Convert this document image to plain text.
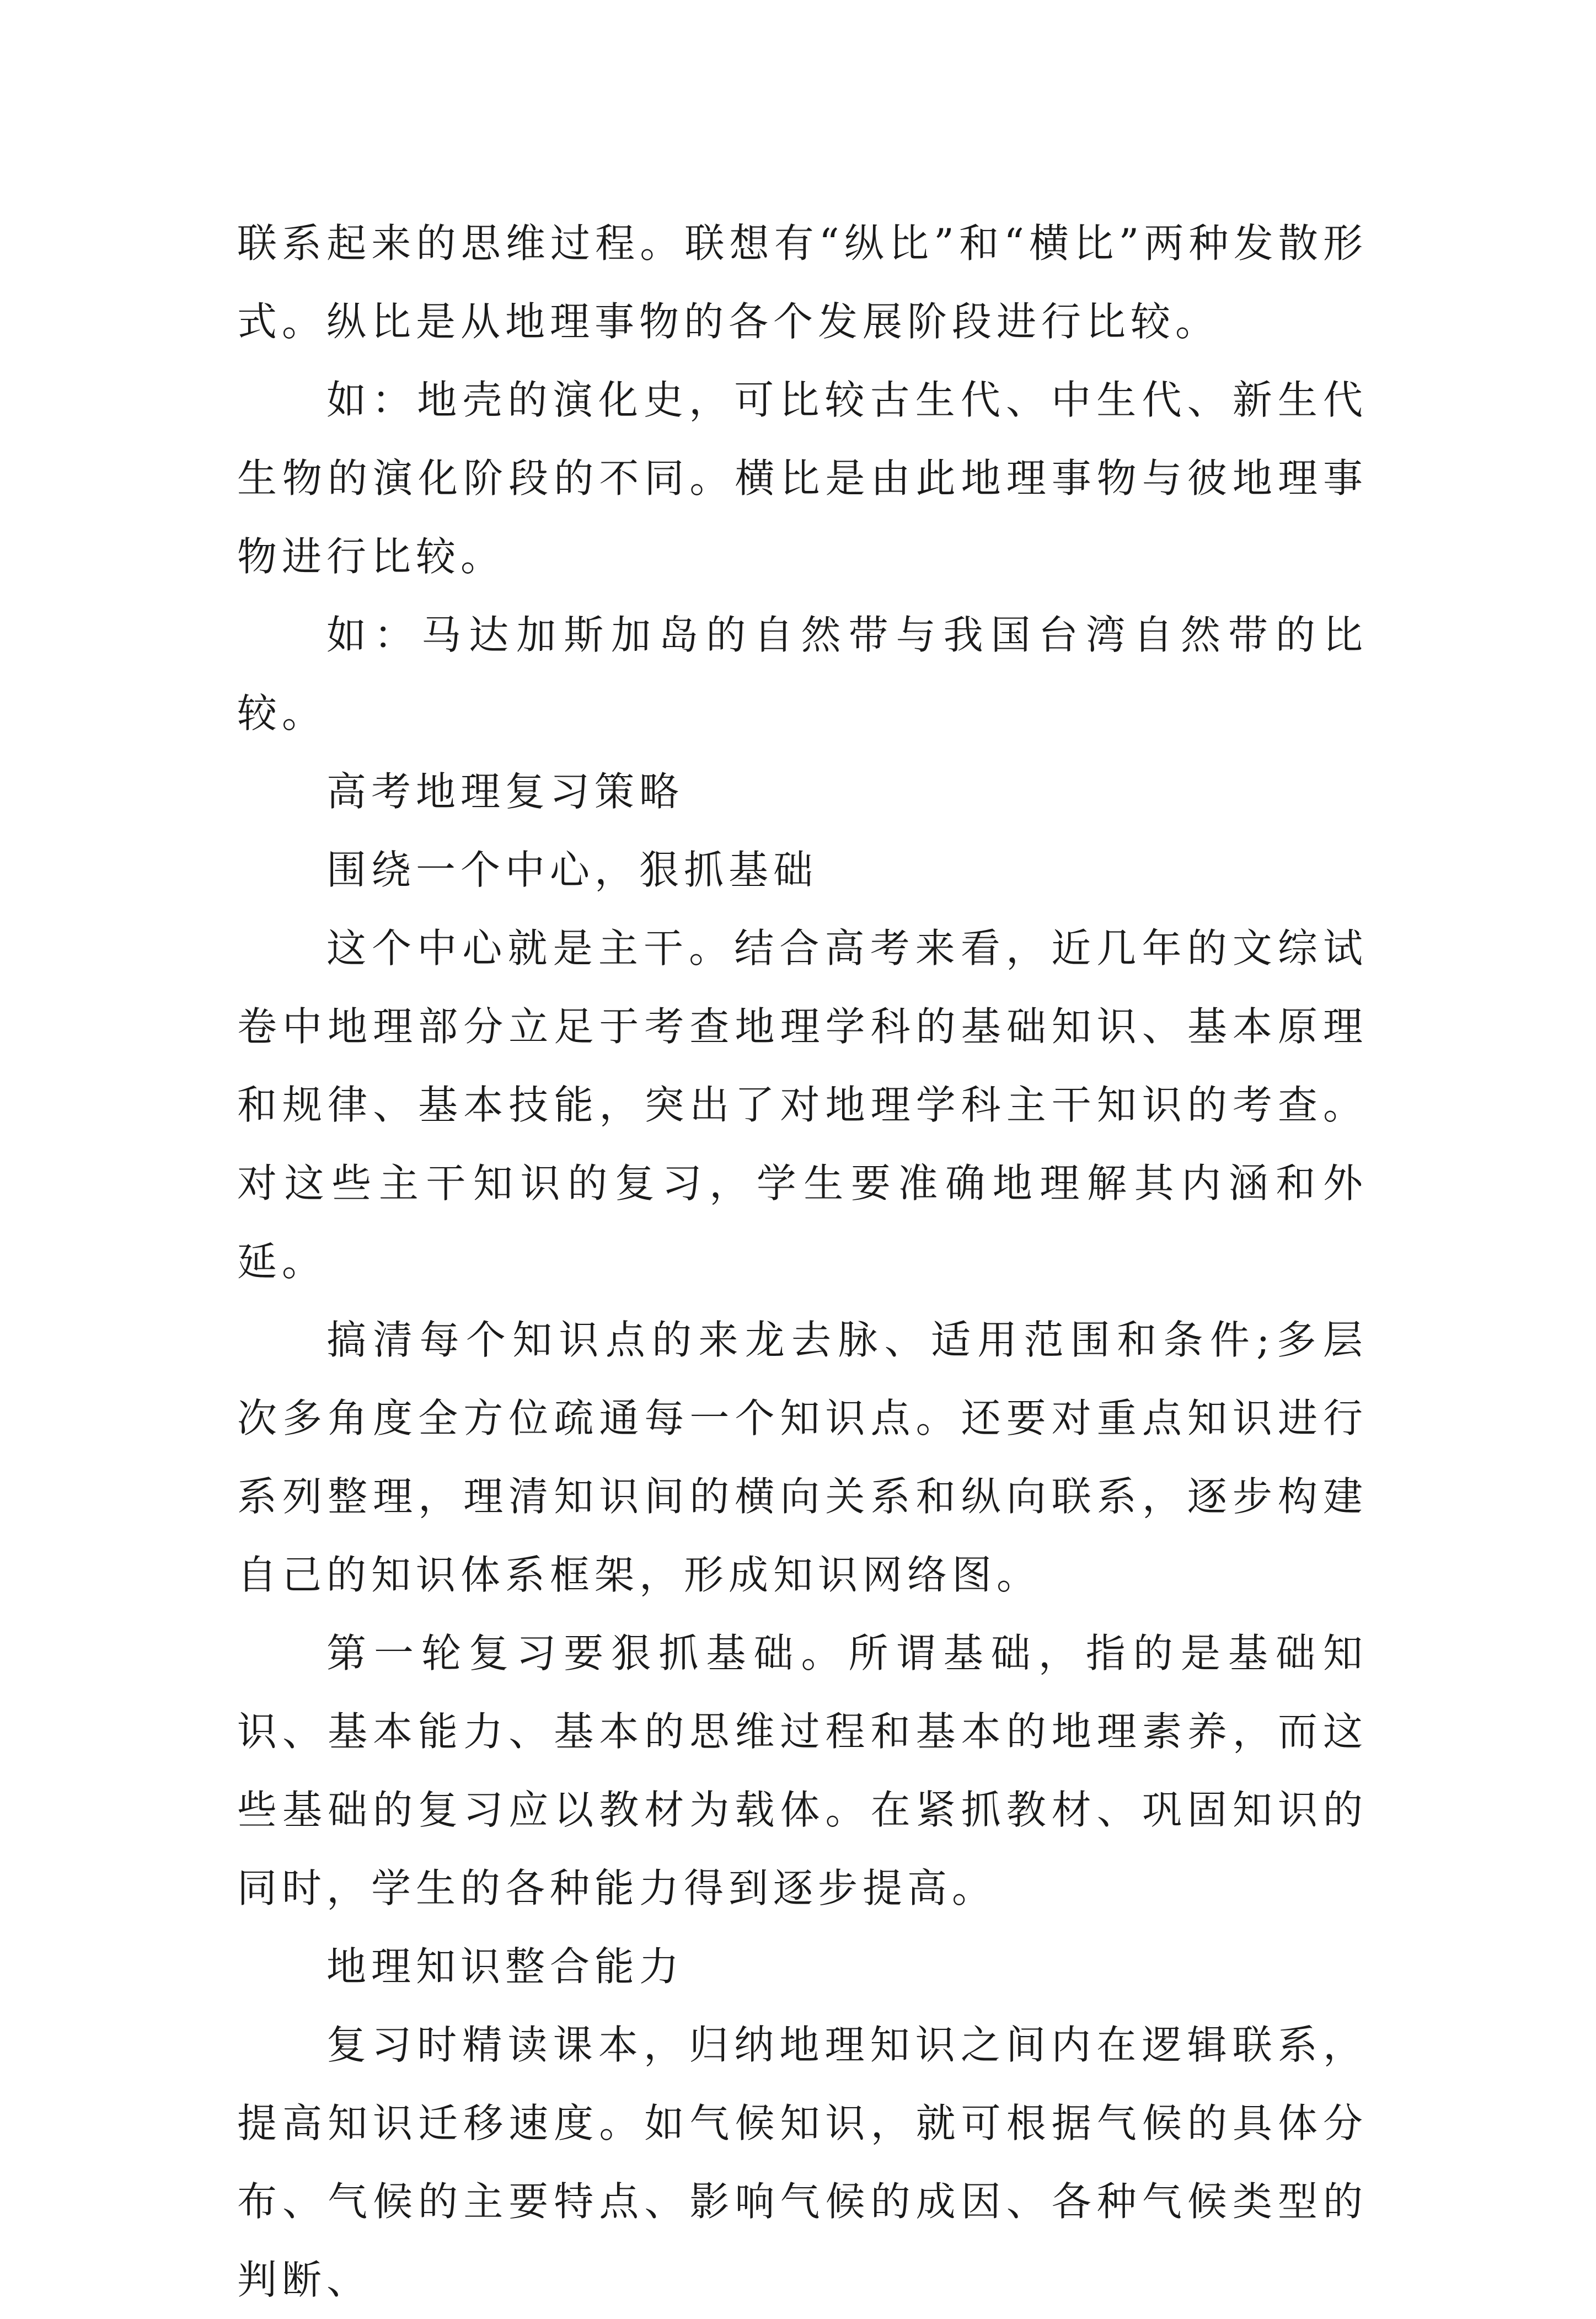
联系起来的思维过程。联想有“纵比”和“横比”两种发散形式。纵比是从地理事物的各个发展阶段进行比较。

如：地壳的演化史，可比较古生代、中生代、新生代生物的演化阶段的不同。横比是由此地理事物与彼地理事物进行比较。

如：马达加斯加岛的自然带与我国台湾自然带的比较。

高考地理复习策略

围绕一个中心，狠抓基础

这个中心就是主干。结合高考来看，近几年的文综试卷中地理部分立足于考查地理学科的基础知识、基本原理和规律、基本技能，突出了对地理学科主干知识的考查。对这些主干知识的复习，学生要准确地理解其内涵和外延。

搞清每个知识点的来龙去脉、适用范围和条件;多层次多角度全方位疏通每一个知识点。还要对重点知识进行系列整理，理清知识间的横向关系和纵向联系，逐步构建自己的知识体系框架，形成知识网络图。

第一轮复习要狠抓基础。所谓基础，指的是基础知识、基本能力、基本的思维过程和基本的地理素养，而这些基础的复习应以教材为载体。在紧抓教材、巩固知识的同时，学生的各种能力得到逐步提高。

地理知识整合能力

复习时精读课本，归纳地理知识之间内在逻辑联系，提高知识迁移速度。如气候知识，就可根据气候的具体分布、气候的主要特点、影响气候的成因、各种气候类型的判断、
